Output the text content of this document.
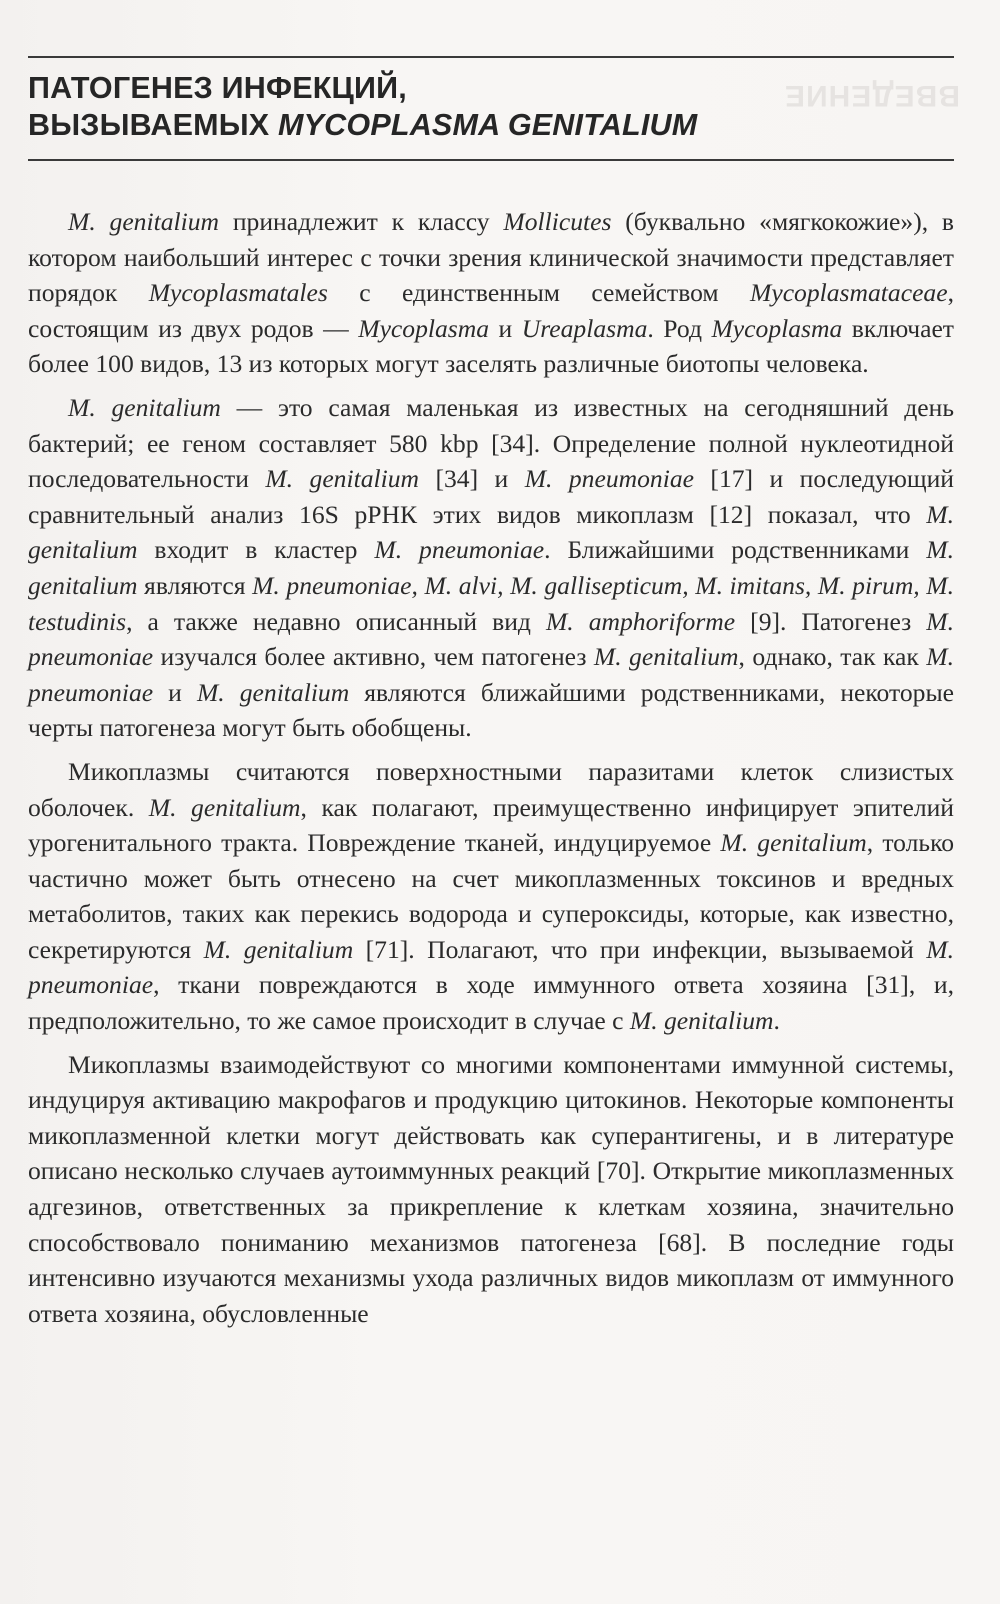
ВВЕДЕНИЕ
ПАТОГЕНЕЗ ИНФЕКЦИЙ,
ВЫЗЫВАЕМЫХ MYCOPLASMA GENITALIUM

M. genitalium принадлежит к классу Mollicutes (буквально «мягкокожие»), в котором наибольший интерес с точки зрения клинической значимости представляет порядок Mycoplasmatales с единственным семейством Mycoplasmataceae, состоящим из двух родов — Mycoplasma и Ureaplasma. Род Mycoplasma включает более 100 видов, 13 из которых могут заселять различные биотопы человека.

M. genitalium — это самая маленькая из известных на сегодняшний день бактерий; ее геном составляет 580 kbp [34]. Определение полной нуклеотидной последовательности M. genitalium [34] и M. pneumoniae [17] и последующий сравнительный анализ 16S рРНК этих видов микоплазм [12] показал, что M. genitalium входит в кластер M. pneumoniae. Ближайшими родственниками M. genitalium являются M. pneumoniae, M. alvi, M. gallisepticum, M. imitans, M. pirum, M. testudinis, а также недавно описанный вид M. amphoriforme [9]. Патогенез M. pneumoniae изучался более активно, чем патогенез M. genitalium, однако, так как M. pneumoniae и M. genitalium являются ближайшими родственниками, некоторые черты патогенеза могут быть обобщены.

Микоплазмы считаются поверхностными паразитами клеток слизистых оболочек. M. genitalium, как полагают, преимущественно инфицирует эпителий урогенитального тракта. Повреждение тканей, индуцируемое M. genitalium, только частично может быть отнесено на счет микоплазменных токсинов и вредных метаболитов, таких как перекись водорода и супероксиды, которые, как известно, секретируются M. genitalium [71]. Полагают, что при инфекции, вызываемой M. pneumoniae, ткани повреждаются в ходе иммунного ответа хозяина [31], и, предположительно, то же самое происходит в случае с M. genitalium.

Микоплазмы взаимодействуют со многими компонентами иммунной системы, индуцируя активацию макрофагов и продукцию цитокинов. Некоторые компоненты микоплазменной клетки могут действовать как суперантигены, и в литературе описано несколько случаев аутоиммунных реакций [70]. Открытие микоплазменных адгезинов, ответственных за прикрепление к клеткам хозяина, значительно способствовало пониманию механизмов патогенеза [68]. В последние годы интенсивно изучаются механизмы ухода различных видов микоплазм от иммунного ответа хозяина, обусловленные
